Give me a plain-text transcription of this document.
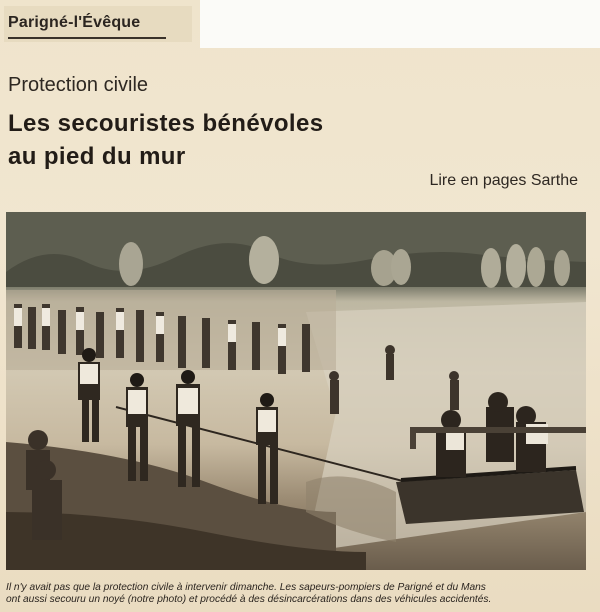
Parigné-l'Évêque
Protection civile
Les secouristes bénévoles
au pied du mur
Lire en pages Sarthe
Il n'y avait pas que la protection civile à intervenir dimanche. Les sapeurs-pompiers de Parigné et du Mans
ont aussi secouru un noyé (notre photo) et procédé à des désincarcérations dans des véhicules accidentés.
